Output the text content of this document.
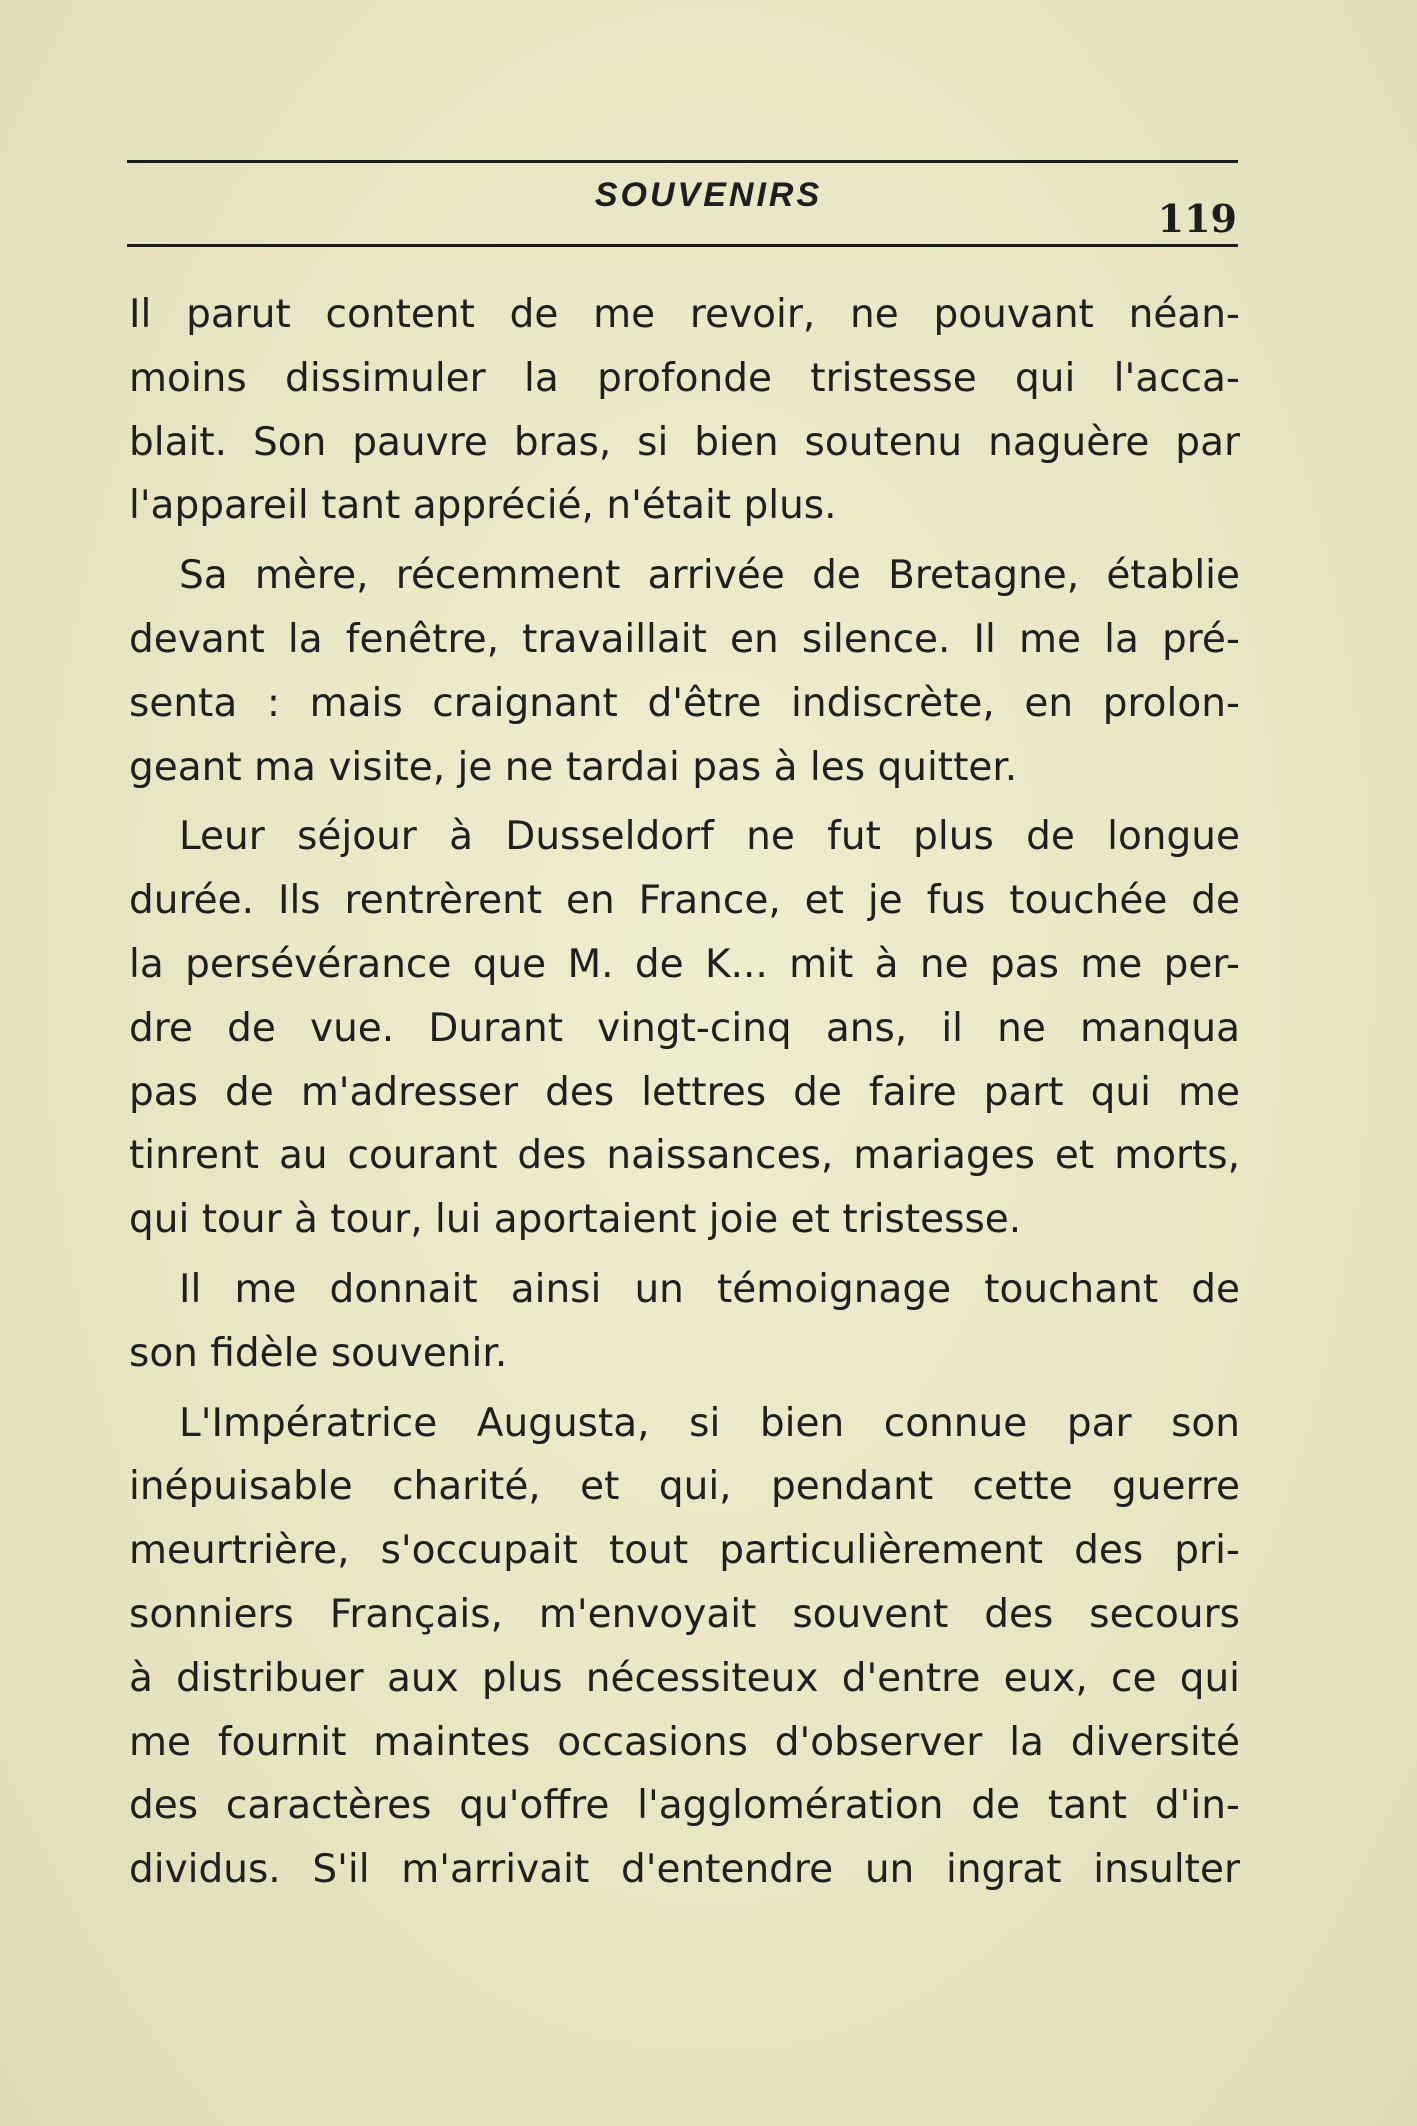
SOUVENIRS
119

Il parut content de me revoir, ne pouvant néan-
moins dissimuler la profonde tristesse qui l'acca-
blait. Son pauvre bras, si bien soutenu naguère par
l'appareil tant apprécié, n'était plus.

Sa mère, récemment arrivée de Bretagne, établie
devant la fenêtre, travaillait en silence. Il me la pré-
senta : mais craignant d'être indiscrète, en prolon-
geant ma visite, je ne tardai pas à les quitter.

Leur séjour à Dusseldorf ne fut plus de longue
durée. Ils rentrèrent en France, et je fus touchée de
la persévérance que M. de K... mit à ne pas me per-
dre de vue. Durant vingt-cinq ans, il ne manqua
pas de m'adresser des lettres de faire part qui me
tinrent au courant des naissances, mariages et morts,
qui tour à tour, lui aportaient joie et tristesse.

Il me donnait ainsi un témoignage touchant de
son fidèle souvenir.

L'Impératrice Augusta, si bien connue par son
inépuisable charité, et qui, pendant cette guerre
meurtrière, s'occupait tout particulièrement des pri-
sonniers Français, m'envoyait souvent des secours
à distribuer aux plus nécessiteux d'entre eux, ce qui
me fournit maintes occasions d'observer la diversité
des caractères qu'offre l'agglomération de tant d'in-
dividus. S'il m'arrivait d'entendre un ingrat insulter
